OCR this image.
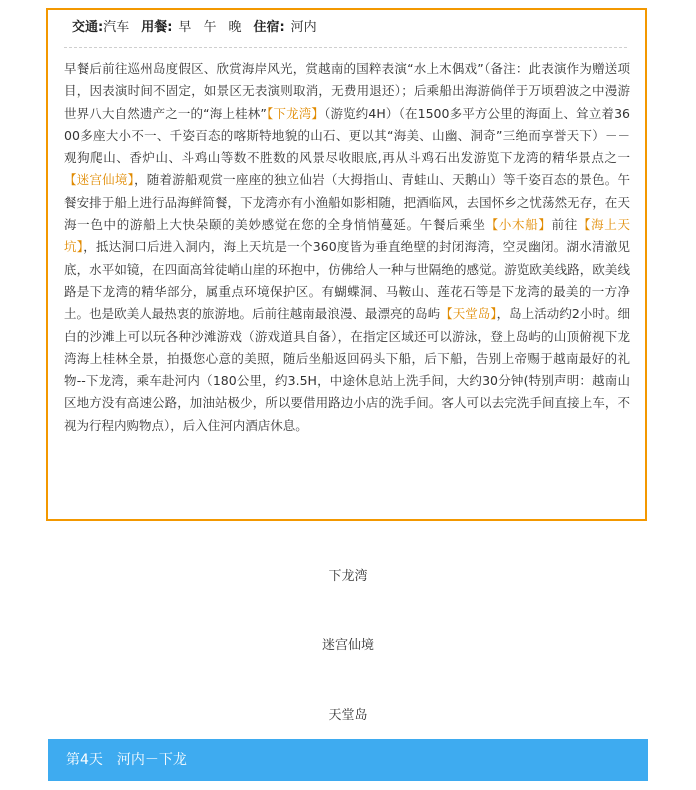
交通:汽车 用餐: 早 午 晚 住宿: 河内
早餐后前往巡州岛度假区、欣赏海岸风光，赏越南的国粹表演“水上木偶戏”（备注：此表演作为赠送项目，因表演时间不固定，如景区无表演则取消，无费用退还）；后乘船出海游倘佯于万顷碧波之中漫游世界八大自然遗产之一的“海上桂林”【下龙湾】（游览约4H）（在1500多平方公里的海面上、耸立着3600多座大小不一、千姿百态的喀斯特地貌的山石、更以其“海美、山幽、洞奇”三绝而享誉天下）－－观狗爬山、香炉山、斗鸡山等数不胜数的风景尽收眼底,再从斗鸡石出发游览下龙湾的精华景点之一【迷宫仙境】，随着游船观赏一座座的独立仙岩（大拇指山、青蛙山、天鹅山）等千姿百态的景色。午餐安排于船上进行品海鲜简餐，下龙湾亦有小渔船如影相随，把酒临风，去国怀乡之忧荡然无存，在天海一色中的游船上大快朵颐的美妙感觉在您的全身悄悄蔓延。午餐后乘坐【小木船】前往【海上天坑】，抵达洞口后进入洞内，海上天坑是一个360度皆为垂直绝壁的封闭海湾，空灵幽闭。湖水清澈见底，水平如镜，在四面高耸徒峭山崖的环抱中，仿佛给人一种与世隔绝的感觉。游览欧美线路，欧美线路是下龙湾的精华部分，属重点环境保护区。有蝴蝶洞、马鞍山、莲花石等是下龙湾的最美的一方净土。也是欧美人最热衷的旅游地。后前往越南最浪漫、最漂亮的岛屿【天堂岛】，岛上活动约2小时。细白的沙滩上可以玩各种沙滩游戏（游戏道具自备），在指定区域还可以游泳，登上岛屿的山顶俯视下龙湾海上桂林全景，拍摄您心意的美照，随后坐船返回码头下船，后下船，告别上帝赐于越南最好的礼物--下龙湾，乘车赴河内（180公里，约3.5H，中途休息站上洗手间，大约30分钟(特别声明：越南山区地方没有高速公路，加油站极少，所以要借用路边小店的洗手间。客人可以去完洗手间直接上车，不视为行程内购物点），后入住河内酒店休息。
下龙湾
迷宫仙境
天堂岛
第4天 河内－下龙
